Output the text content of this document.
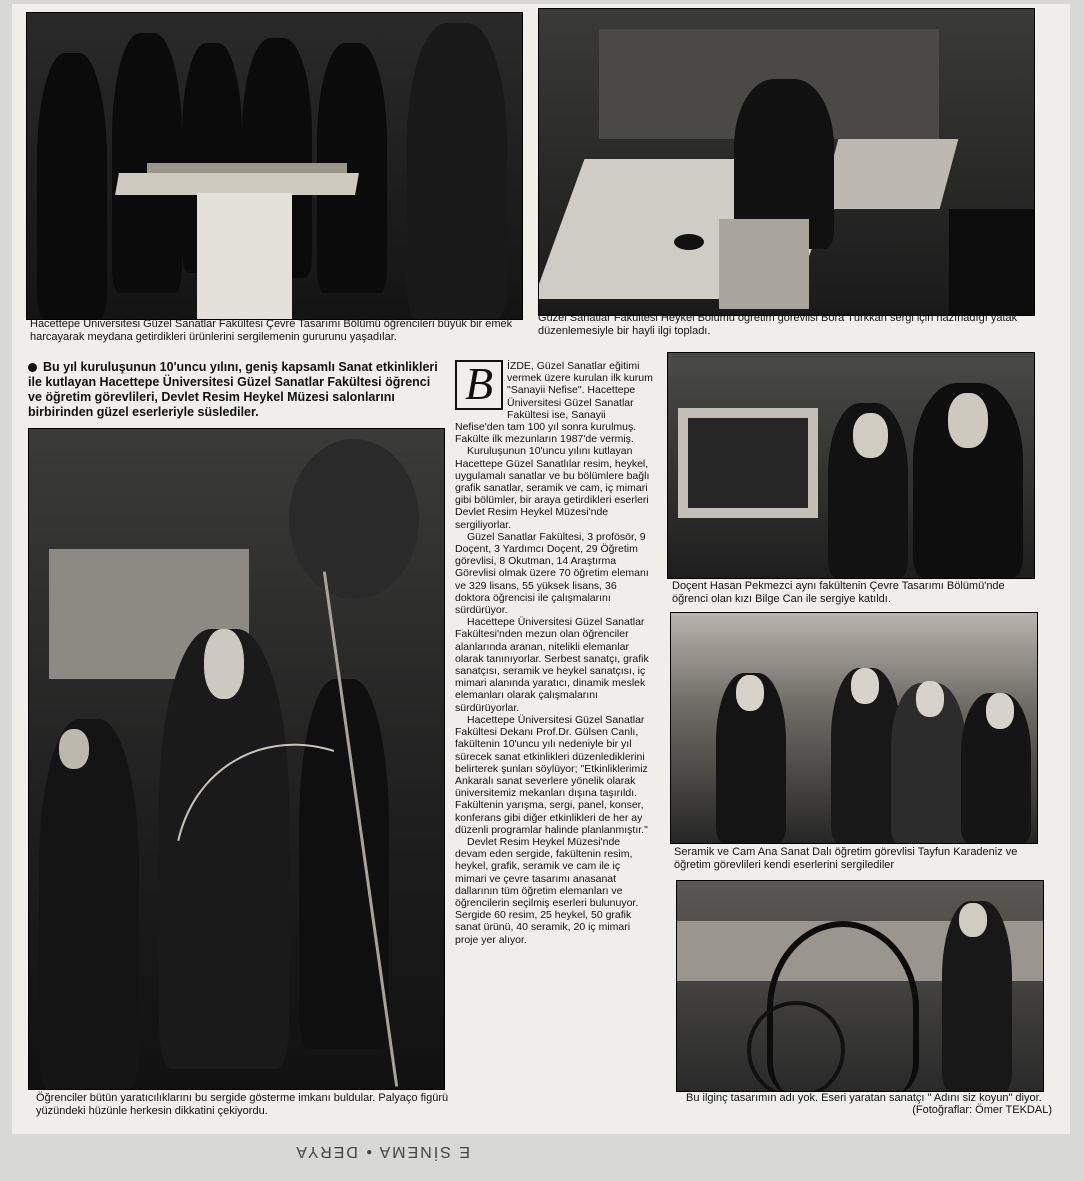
Hacettepe Üniversitesi Güzel Sanatlar Fakültesi Çevre Tasarımı Bölümü öğrencileri büyük bir emek harcayarak meydana getirdikleri ürünlerini sergilemenin gururunu yaşadılar.
Güzel Sanatlar Fakültesi Heykel Bölümü öğretim görevlisi Bora Türkkan sergi için hazırladığı yatak düzenlemesiyle bir hayli ilgi topladı.
Bu yıl kuruluşunun 10'uncu yılını, geniş kapsamlı Sanat etkinlikleri ile kutlayan Hacettepe Üniversitesi Güzel Sanatlar Fakültesi öğrenci ve öğretim görevlileri, Devlet Resim Heykel Müzesi salonlarını birbirinden güzel eserleriyle süslediler.
Öğrenciler bütün yaratıcılıklarını bu sergide gösterme imkanı buldular. Palyaço figürü yüzündeki hüzünle herkesin dikkatini çekiyordu.
B	İZDE, Güzel Sanatlar eğitimi vermek üzere kurulan ilk kurum "Sanayii Nefise". Hacettepe Üniversitesi Güzel Sanatlar Fakültesi ise, Sanayii Nefise'den tam 100 yıl sonra kurulmuş. Fakülte ilk mezunların 1987'de vermiş.

Kuruluşunun 10'uncu yılını kutlayan Hacettepe Güzel Sanatlılar resim, heykel, uygulamalı sanatlar ve bu bölümlere bağlı grafik sanatlar, seramik ve cam, iç mimari gibi bölümler, bir araya getirdikleri eserleri Devlet Resim Heykel Müzesi'nde sergiliyorlar.

Güzel Sanatlar Fakültesi, 3 profösör, 9 Doçent, 3 Yardımcı Doçent, 29 Öğretim görevlisi, 8 Okutman, 14 Araştırma Görevlisi olmak üzere 70 öğretim elemanı ve 329 lisans, 55 yüksek lisans, 36 doktora öğrencisi ile çalışmalarını sürdürüyor.

Hacettepe Üniversitesi Güzel Sanatlar Fakültesi'nden mezun olan öğrenciler alanlarında aranan, nitelikli elemanlar olarak tanınıyorlar. Serbest sanatçı, grafik sanatçısı, seramik ve heykel sanatçısı, iç mimari alanında yaratıcı, dinamik meslek elemanları olarak çalışmalarını sürdürüyorlar.

Hacettepe Üniversitesi Güzel Sanatlar Fakültesi Dekanı Prof.Dr. Gülsen Canlı, fakültenin 10'uncu yılı nedeniyle bir yıl sürecek sanat etkinlikleri düzenlediklerini belirterek şunları söylüyor; "Etkinliklerimiz Ankaralı sanat severlere yönelik olarak üniversitemiz mekanları dışına taşırıldı. Fakültenin yarışma, sergi, panel, konser, konferans gibi diğer etkinlikleri de her ay düzenli programlar halinde planlanmıştır."

Devlet Resim Heykel Müzesi'nde devam eden sergide, fakültenin resim, heykel, grafik, seramik ve cam ile iç mimari ve çevre tasarımı anasanat dallarının tüm öğretim elemanları ve öğrencilerin seçilmiş eserleri bulunuyor. Sergide 60 resim, 25 heykel, 50 grafik sanat ürünü, 40 seramik, 20 iç mimari proje yer alıyor.

Doçent Hasan Pekmezci aynı fakültenin Çevre Tasarımı Bölümü'nde öğrenci olan kızı Bilge Can ile sergiye katıldı.
Seramik ve Cam Ana Sanat Dalı öğretim görevlisi Tayfun Karadeniz ve öğretim görevlileri kendi eserlerini sergilediler
Bu ilginç tasarımın adı yok. Eseri yaratan sanatçı " Adını siz koyun" diyor.
(Fotoğraflar: Ömer TEKDAL)
E SİNEMA • DERYA
